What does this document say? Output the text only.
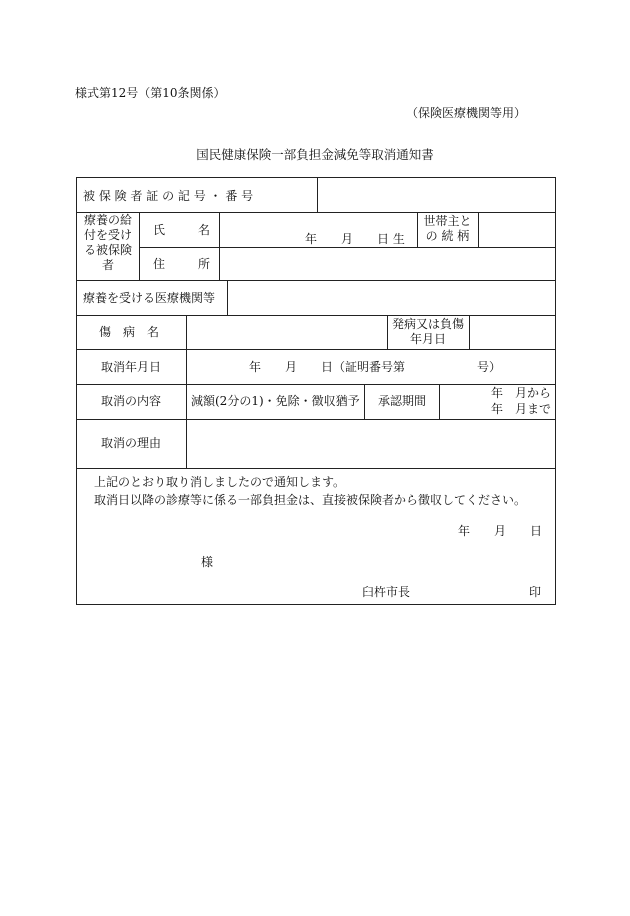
様式第12号（第10条関係）
（保険医療機関等用）
国民健康保険一部負担金減免等取消通知書
被 保 険 者 証 の 記 号 ・ 番 号
療養の給付を受ける被保険者
氏　　名
年　　月　　日 生
世帯主との 続 柄
住　　所
療養を受ける医療機関等
傷　病　名
発病又は負傷年月日
取消年月日	年　　月　　日（証明番号第　　　　　　号）
取消の内容 減額(2分の1)・免除・徴収猶予 承認期間
年　月から
年　月まで
取消の理由
上記のとおり取り消しましたので通知します。
取消日以降の診療等に係る一部負担金は、直接被保険者から徴収してください。
年　　月　　日
様
臼杵市長	印
